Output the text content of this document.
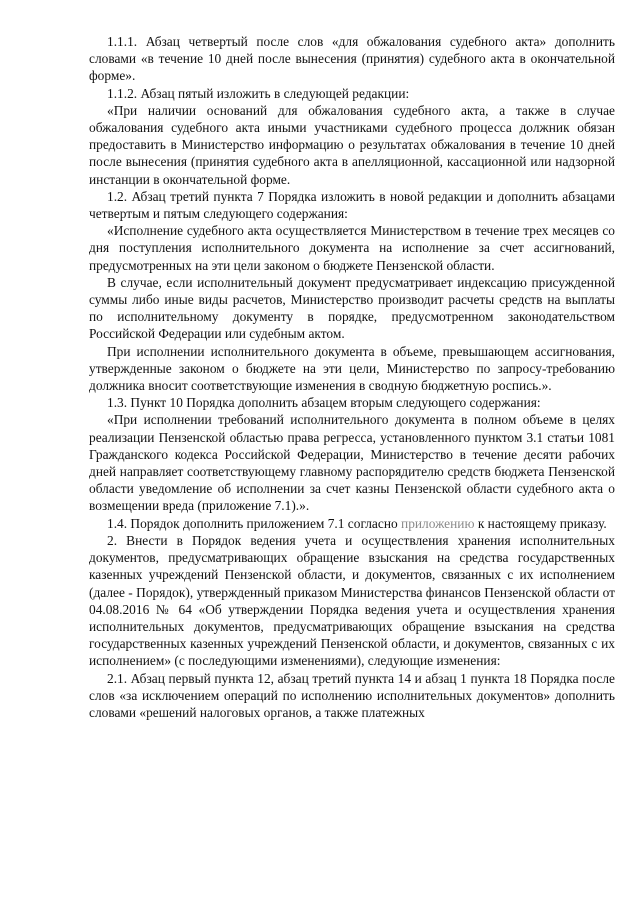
1.1.1. Абзац четвертый после слов «для обжалования судебного акта» дополнить словами «в течение 10 дней после вынесения (принятия) судебного акта в окончательной форме».

1.1.2. Абзац пятый изложить в следующей редакции:

«При наличии оснований для обжалования судебного акта, а также в случае обжалования судебного акта иными участниками судебного процесса должник обязан предоставить в Министерство информацию о результатах обжалования в течение 10 дней после вынесения (принятия судебного акта в апелляционной, кассационной или надзорной инстанции в окончательной форме.

1.2. Абзац третий пункта 7 Порядка изложить в новой редакции и дополнить абзацами четвертым и пятым следующего содержания:

«Исполнение судебного акта осуществляется Министерством в течение трех месяцев со дня поступления исполнительного документа на исполнение за счет ассигнований, предусмотренных на эти цели законом о бюджете Пензенской области.

В случае, если исполнительный документ предусматривает индексацию присужденной суммы либо иные виды расчетов, Министерство производит расчеты средств на выплаты по исполнительному документу в порядке, предусмотренном законодательством Российской Федерации или судебным актом.

При исполнении исполнительного документа в объеме, превышающем ассигнования, утвержденные законом о бюджете на эти цели, Министерство по запросу-требованию должника вносит соответствующие изменения в сводную бюджетную роспись.».

1.3. Пункт 10 Порядка дополнить абзацем вторым следующего содержания:

«При исполнении требований исполнительного документа в полном объеме в целях реализации Пензенской областью права регресса, установленного пунктом 3.1 статьи 1081 Гражданского кодекса Российской Федерации, Министерство в течение десяти рабочих дней направляет соответствующему главному распорядителю средств бюджета Пензенской области уведомление об исполнении за счет казны Пензенской области судебного акта о возмещении вреда (приложение 7.1).».

1.4. Порядок дополнить приложением 7.1 согласно приложению к настоящему приказу.

2. Внести в Порядок ведения учета и осуществления хранения исполнительных документов, предусматривающих обращение взыскания на средства государственных казенных учреждений Пензенской области, и документов, связанных с их исполнением (далее - Порядок), утвержденный приказом Министерства финансов Пензенской области от 04.08.2016 № 64 «Об утверждении Порядка ведения учета и осуществления хранения исполнительных документов, предусматривающих обращение взыскания на средства государственных казенных учреждений Пензенской области, и документов, связанных с их исполнением» (с последующими изменениями), следующие изменения:

2.1. Абзац первый пункта 12, абзац третий пункта 14 и абзац 1 пункта 18 Порядка после слов «за исключением операций по исполнению исполнительных документов» дополнить словами «решений налоговых органов, а также платежных
